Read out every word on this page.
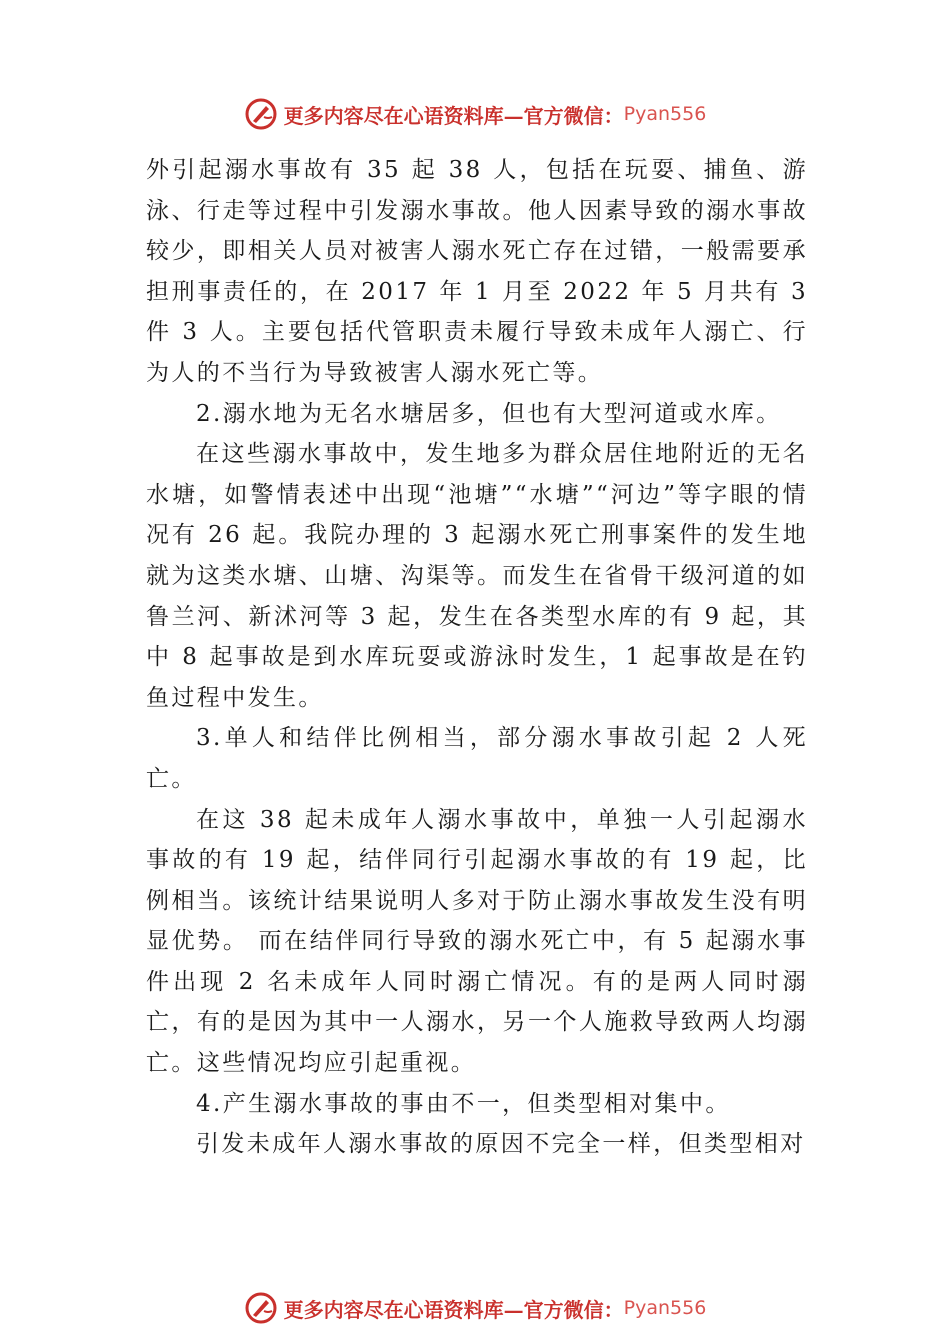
更多内容尽在心语资料库—官方微信： Pyan556

外引起溺水事故有 35 起 38 人，包括在玩耍、捕鱼、游泳、行走等过程中引发溺水事故。他人因素导致的溺水事故较少，即相关人员对被害人溺水死亡存在过错，一般需要承担刑事责任的，在 2017 年 1 月至 2022 年 5 月共有 3 件 3 人。主要包括代管职责未履行导致未成年人溺亡、行为人的不当行为导致被害人溺水死亡等。

2.溺水地为无名水塘居多，但也有大型河道或水库。

在这些溺水事故中，发生地多为群众居住地附近的无名水塘，如警情表述中出现“池塘”“水塘”“河边”等字眼的情况有 26 起。我院办理的 3 起溺水死亡刑事案件的发生地就为这类水塘、山塘、沟渠等。而发生在省骨干级河道的如鲁兰河、新沭河等 3 起，发生在各类型水库的有 9 起，其中 8 起事故是到水库玩耍或游泳时发生，1 起事故是在钓鱼过程中发生。

3.单人和结伴比例相当，部分溺水事故引起 2 人死亡。

在这 38 起未成年人溺水事故中，单独一人引起溺水事故的有 19 起，结伴同行引起溺水事故的有 19 起，比例相当。该统计结果说明人多对于防止溺水事故发生没有明显优势。 而在结伴同行导致的溺水死亡中，有 5 起溺水事件出现 2 名未成年人同时溺亡情况。有的是两人同时溺亡，有的是因为其中一人溺水，另一个人施救导致两人均溺亡。这些情况均应引起重视。

4.产生溺水事故的事由不一，但类型相对集中。

引发未成年人溺水事故的原因不完全一样，但类型相对

更多内容尽在心语资料库—官方微信： Pyan556
